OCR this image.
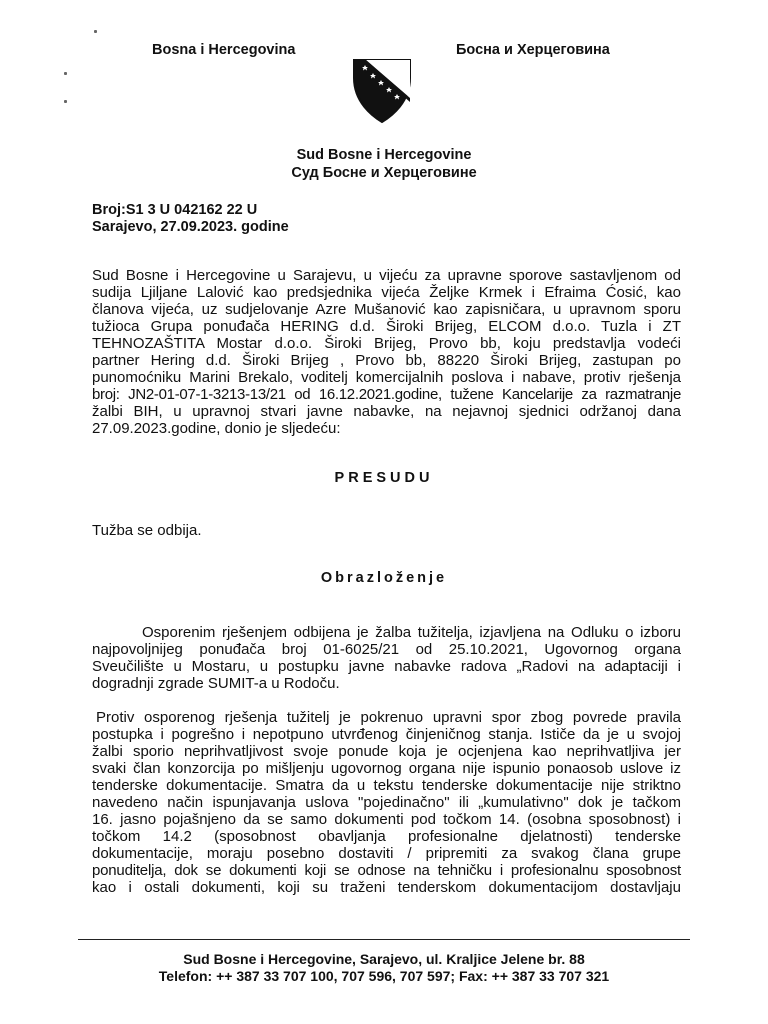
Bosna i Hercegovina	Босна и Херцеговина
Sud Bosne i Hercegovine
Суд Босне и Херцеговине
Broj:S1 3 U 042162 22 U
Sarajevo, 27.09.2023. godine
Sud Bosne i Hercegovine u Sarajevu, u vijeću za upravne sporove sastavljenom od
sudija Ljiljane Lalović kao predsjednika vijeća Željke Krmek i Efraima Ćosić, kao
članova vijeća, uz sudjelovanje Azre Mušanović kao zapisničara, u upravnom sporu
tužioca Grupa ponuđača HERING d.d. Široki Brijeg, ELCOM d.o.o. Tuzla i ZT
TEHNOZAŠTITA Mostar d.o.o. Široki Brijeg, Provo bb, koju predstavlja vodeći
partner Hering d.d. Široki Brijeg , Provo bb, 88220 Široki Brijeg, zastupan po
punomoćniku Marini Brekalo, voditelj komercijalnih poslova i nabave, protiv rješenja
broj: JN2-01-07-1-3213-13/21 od 16.12.2021.godine, tužene Kancelarije za razmatranje
žalbi BIH, u upravnoj stvari javne nabavke, na nejavnoj sjednici održanoj dana
27.09.2023.godine, donio je sljedeću:
PRESUDU
Tužba se odbija.
Obrazloženje
Osporenim rješenjem odbijena je žalba tužitelja, izjavljena na Odluku o izboru
najpovoljnijeg ponuđača broj 01-6025/21 od 25.10.2021, Ugovornog organa
Sveučilište u Mostaru, u postupku javne nabavke radova „Radovi na adaptaciji i
dogradnji zgrade SUMIT-a u Rodoču.
Protiv osporenog rješenja tužitelj je pokrenuo upravni spor zbog povrede pravila
postupka i pogrešno i nepotpuno utvrđenog činjeničnog stanja. Ističe da je u svojoj
žalbi sporio neprihvatljivost svoje ponude koja je ocjenjena kao neprihvatljiva jer
svaki član konzorcija po mišljenju ugovornog organa nije ispunio ponaosob uslove iz
tenderske dokumentacije. Smatra da u tekstu tenderske dokumentacije nije striktno
navedeno način ispunjavanja uslova "pojedinačno" ili „kumulativno" dok je tačkom
16. jasno pojašnjeno da se samo dokumenti pod točkom 14. (osobna sposobnost) i
točkom 14.2 (sposobnost obavljanja profesionalne djelatnosti) tenderske
dokumentacije, moraju posebno dostaviti / pripremiti za svakog člana grupe
ponuditelja, dok se dokumenti koji se odnose na tehničku i profesionalnu sposobnost
kao i ostali dokumenti, koji su traženi tenderskom dokumentacijom dostavljaju
Sud Bosne i Hercegovine, Sarajevo, ul. Kraljice Jelene br. 88
Telefon: ++ 387 33 707 100, 707 596, 707 597; Fax: ++ 387 33 707 321
